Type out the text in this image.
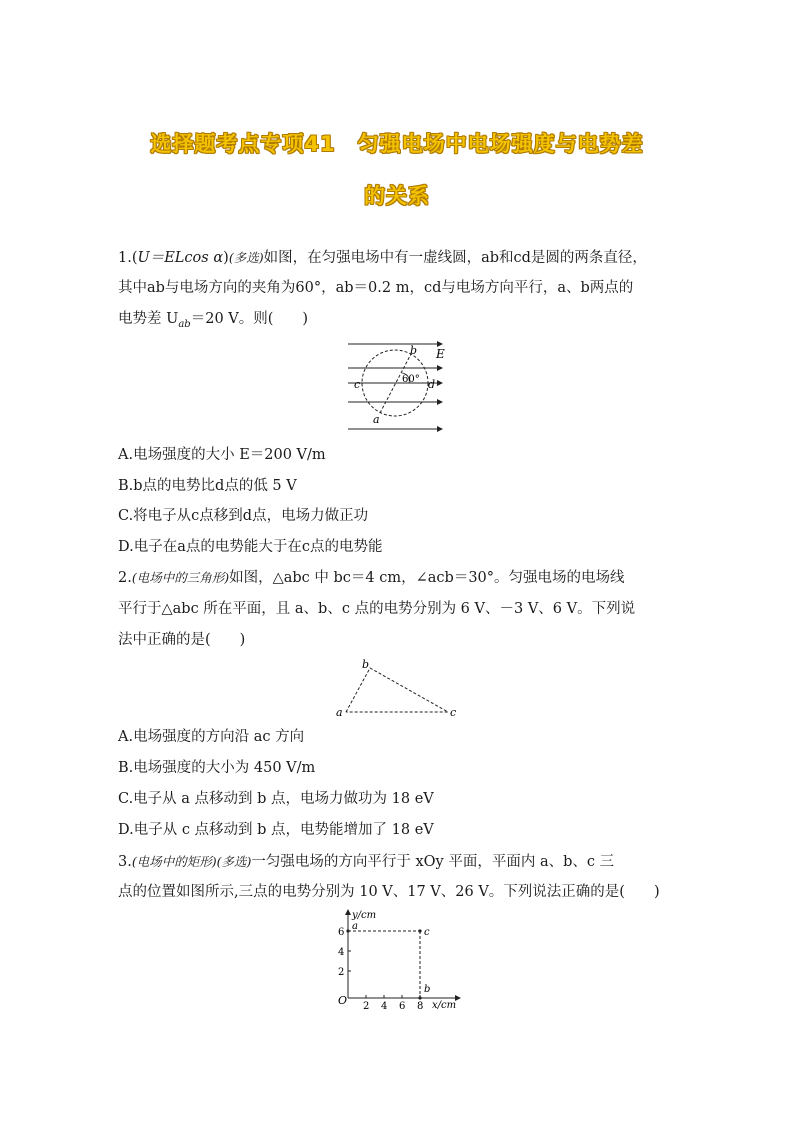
选择题考点专项41　匀强电场中电场强度与电势差
的关系
1.(U＝ELcos α)(多选)如图，在匀强电场中有一虚线圆，ab和cd是圆的两条直径，
其中ab与电场方向的夹角为60°，ab＝0.2 m，cd与电场方向平行，a、b两点的
电势差 $U_{ab}=20$ V。则(　　)
E
b
c	d
a
60°
A.电场强度的大小 E＝200 V/m
B.b点的电势比d点的低 5 V
C.将电子从c点移到d点，电场力做正功
D.电子在a点的电势能大于在c点的电势能
2.(电场中的三角形)如图，△abc 中 bc＝4 cm，∠acb＝30°。匀强电场的电场线
平行于△abc 所在平面，且 a、b、c 点的电势分别为 6 V、－3 V、6 V。下列说
法中正确的是(　　)
b
a	c
A.电场强度的方向沿 ac 方向
B.电场强度的大小为 450 V/m
C.电子从 a 点移动到 b 点，电场力做功为 18 eV
D.电子从 c 点移动到 b 点，电势能增加了 18 eV
3.(电场中的矩形)(多选)一匀强电场的方向平行于 xOy 平面，平面内 a、b、c 三
点的位置如图所示,三点的电势分别为 10 V、17 V、26 V。下列说法正确的是(　　)
y/cm
x/cm
O 2 4 6 8
2
4
6
a
c
b
